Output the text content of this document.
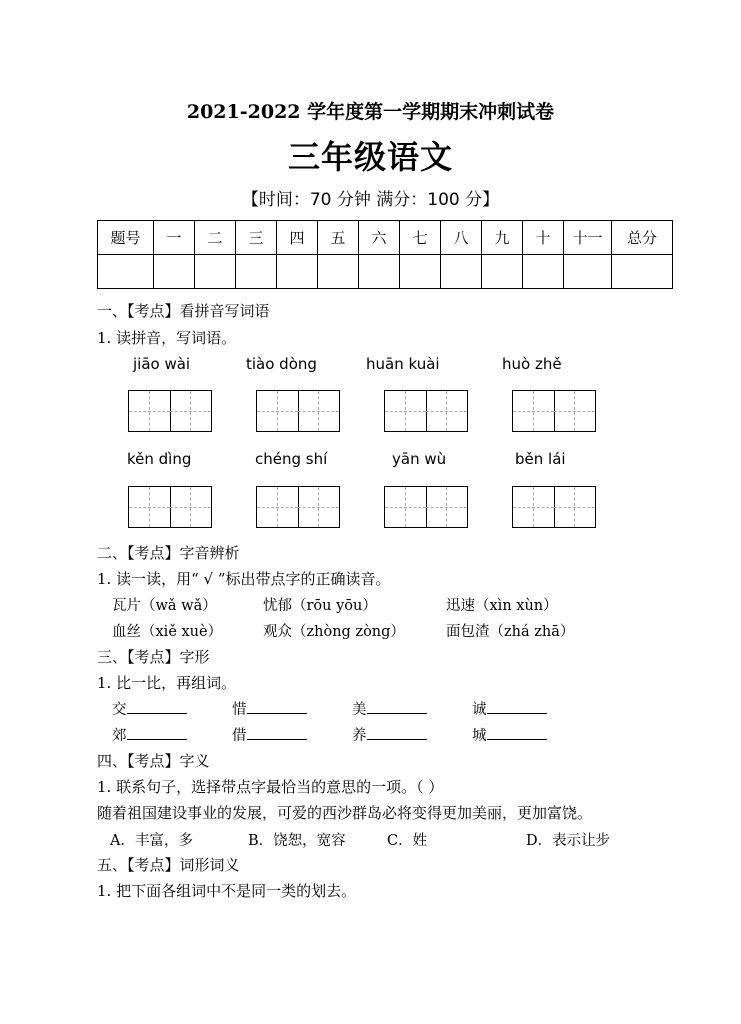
2021-2022 学年度第一学期期末冲刺试卷
三年级语文
【时间：70 分钟 满分：100 分】
题号	一	二	三	四	五	六	七	八	九	十	十一	总分

一、【考点】看拼音写词语
1. 读拼音，写词语。
jiāo wài	tiào dòng	huān kuài	huò zhě
kěn dìng	chéng shí	yān wù	běn lái
二、【考点】字音辨析
1. 读一读，用“ √ ”标出带点字的正确读音。
瓦片（wǎ wǎ）	忧郁（rōu yōu）	迅速（xìn xùn）
血丝（xiě xuè）	观众（zhòng zòng）	面包渣（zhá zhā）
三、【考点】字形
1. 比一比，再组词。
交	惜	美	诚
郊	借	养	城
四、【考点】字义
1. 联系句子，选择带点字最恰当的意思的一项。（ ）
随着祖国建设事业的发展，可爱的西沙群岛必将变得更加美丽，更加富饶。
A．丰富，多	B．饶恕，宽容	C．姓	D．表示让步
五、【考点】词形词义
1. 把下面各组词中不是同一类的划去。
